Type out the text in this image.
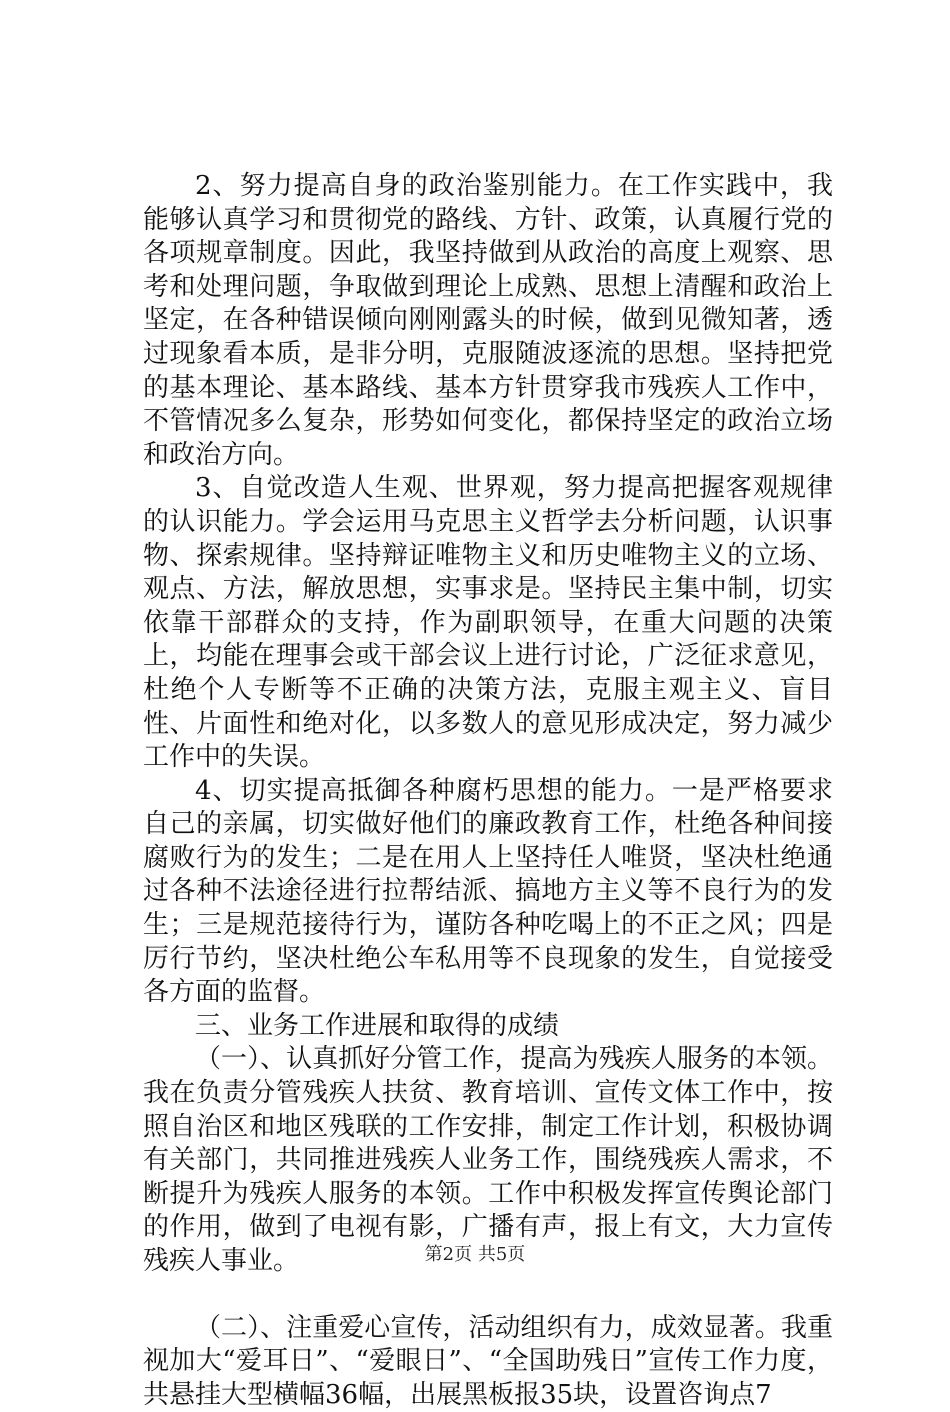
2、努力提高自身的政治鉴别能力。在工作实践中，我能够认真学习和贯彻党的路线、方针、政策，认真履行党的各项规章制度。因此，我坚持做到从政治的高度上观察、思考和处理问题，争取做到理论上成熟、思想上清醒和政治上坚定，在各种错误倾向刚刚露头的时候，做到见微知著，透过现象看本质，是非分明，克服随波逐流的思想。坚持把党的基本理论、基本路线、基本方针贯穿我市残疾人工作中，不管情况多么复杂，形势如何变化，都保持坚定的政治立场和政治方向。

3、自觉改造人生观、世界观，努力提高把握客观规律的认识能力。学会运用马克思主义哲学去分析问题，认识事物、探索规律。坚持辩证唯物主义和历史唯物主义的立场、观点、方法，解放思想，实事求是。坚持民主集中制，切实依靠干部群众的支持，作为副职领导，在重大问题的决策上，均能在理事会或干部会议上进行讨论，广泛征求意见，杜绝个人专断等不正确的决策方法，克服主观主义、盲目性、片面性和绝对化，以多数人的意见形成决定，努力减少工作中的失误。

4、切实提高抵御各种腐朽思想的能力。一是严格要求自己的亲属，切实做好他们的廉政教育工作，杜绝各种间接腐败行为的发生；二是在用人上坚持任人唯贤，坚决杜绝通过各种不法途径进行拉帮结派、搞地方主义等不良行为的发生；三是规范接待行为，谨防各种吃喝上的不正之风；四是厉行节约，坚决杜绝公车私用等不良现象的发生，自觉接受各方面的监督。

三、业务工作进展和取得的成绩

（一）、认真抓好分管工作，提高为残疾人服务的本领。我在负责分管残疾人扶贫、教育培训、宣传文体工作中，按照自治区和地区残联的工作安排，制定工作计划，积极协调有关部门，共同推进残疾人业务工作，围绕残疾人需求，不断提升为残疾人服务的本领。工作中积极发挥宣传舆论部门的作用，做到了电视有影，广播有声，报上有文，大力宣传残疾人事业。

（二）、注重爱心宣传，活动组织有力，成效显著。我重视加大“爱耳日”、“爱眼日”、“全国助残日”宣传工作力度，共悬挂大型横幅36幅，出展黑板报35块，设置咨询点7

第2页 共5页
